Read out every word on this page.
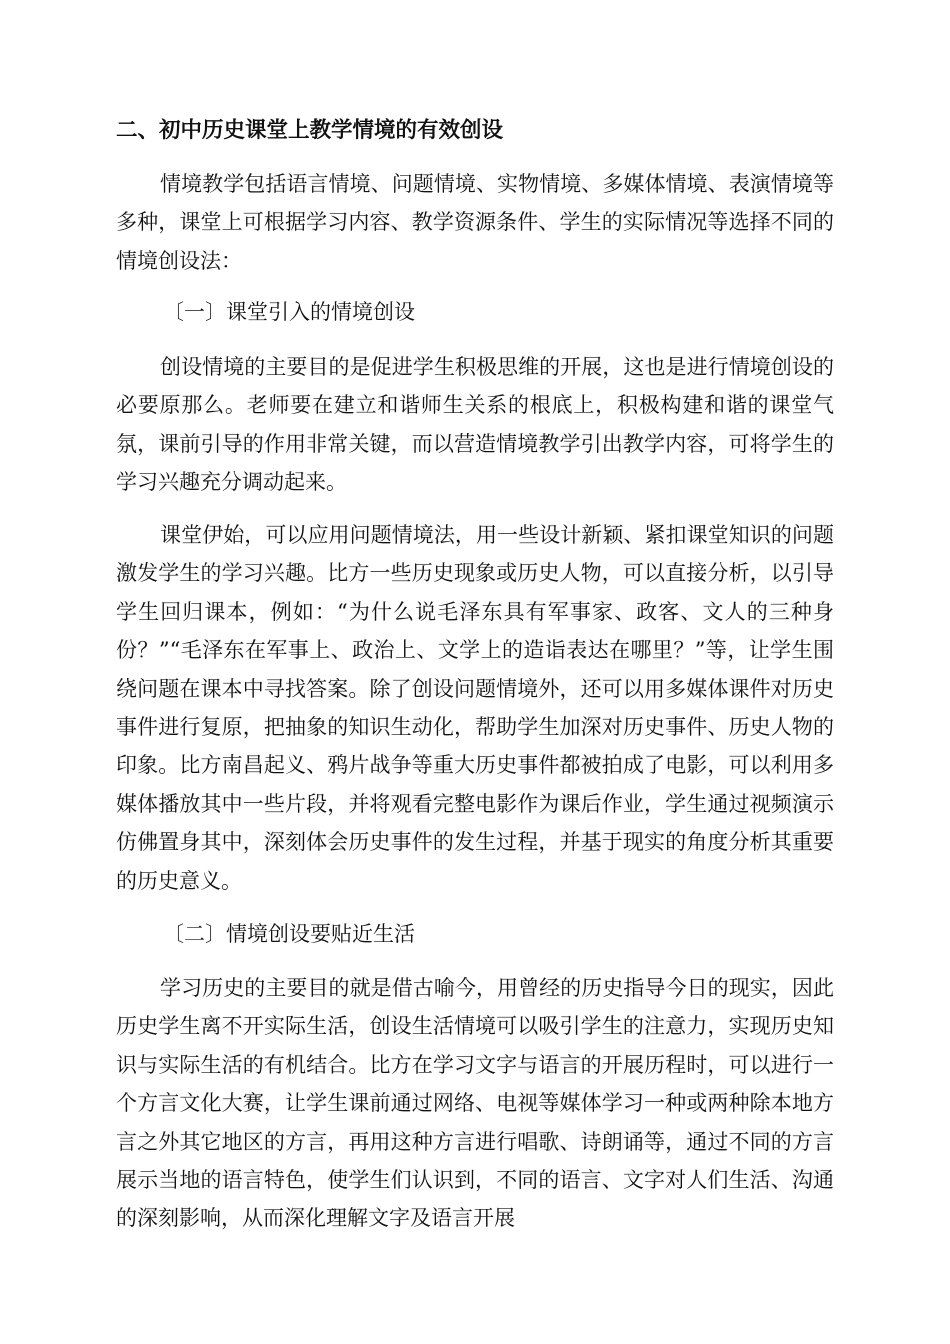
二、初中历史课堂上教学情境的有效创设

情境教学包括语言情境、问题情境、实物情境、多媒体情境、表演情境等多种，课堂上可根据学习内容、教学资源条件、学生的实际情况等选择不同的情境创设法：

〔一〕课堂引入的情境创设

创设情境的主要目的是促进学生积极思维的开展，这也是进行情境创设的必要原那么。老师要在建立和谐师生关系的根底上，积极构建和谐的课堂气氛，课前引导的作用非常关键，而以营造情境教学引出教学内容，可将学生的学习兴趣充分调动起来。

课堂伊始，可以应用问题情境法，用一些设计新颖、紧扣课堂知识的问题激发学生的学习兴趣。比方一些历史现象或历史人物，可以直接分析，以引导学生回归课本，例如：“为什么说毛泽东具有军事家、政客、文人的三种身份？”“毛泽东在军事上、政治上、文学上的造诣表达在哪里？”等，让学生围绕问题在课本中寻找答案。除了创设问题情境外，还可以用多媒体课件对历史事件进行复原，把抽象的知识生动化，帮助学生加深对历史事件、历史人物的印象。比方南昌起义、鸦片战争等重大历史事件都被拍成了电影，可以利用多媒体播放其中一些片段，并将观看完整电影作为课后作业，学生通过视频演示仿佛置身其中，深刻体会历史事件的发生过程，并基于现实的角度分析其重要的历史意义。

〔二〕情境创设要贴近生活

学习历史的主要目的就是借古喻今，用曾经的历史指导今日的现实，因此历史学生离不开实际生活，创设生活情境可以吸引学生的注意力，实现历史知识与实际生活的有机结合。比方在学习文字与语言的开展历程时，可以进行一个方言文化大赛，让学生课前通过网络、电视等媒体学习一种或两种除本地方言之外其它地区的方言，再用这种方言进行唱歌、诗朗诵等，通过不同的方言展示当地的语言特色，使学生们认识到，不同的语言、文字对人们生活、沟通的深刻影响，从而深化理解文字及语言开展
